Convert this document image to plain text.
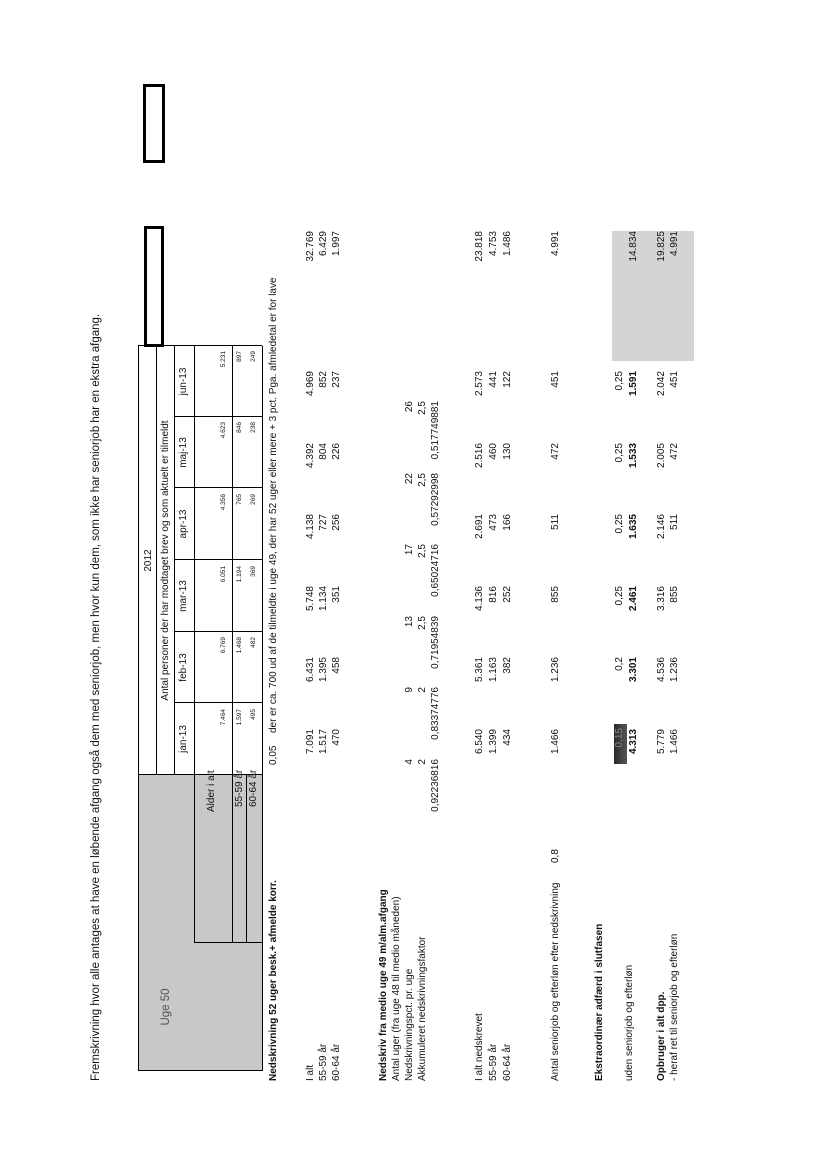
Fremskrivning hvor alle antages at have en løbende afgang også dem med seniorjob, men hvor kun dem, som ikke har seniorjob har en ekstra afgang.	Uge 50
2012 Antal personer der har modtaget brev og som aktuelt er tilmeldt
jan-13
feb-13
mar-13
apr-13
maj-13
jun-13
Alder i alt 55-59 år 60-64 år
7.464
6.769
6.051
4.356
4.623
5.231
1.597
1.468
1.194
765
846
897
495
482
369
269
238
249
Nedskrivning 52 uger besk.+ afmelde korr.
0,05
der er ca. 700 ud af de tilmeldte i uge 49, der har 52 uger eller mere + 3 pct. Pga. afmledetal er for lave
I alt 55-59 år 60-64 år
7.091
6.431
5.748
4.138
4.392
4.969
32.769
1.517
1.395
1.134
727
804
852
6.429
470
458
351
256
226
237
1.997
Nedskriv fra medio uge 49 m/alm.afgang Antal uger (fra uge 48 til medio måneden) Nedskrivningspct. pr. uge Akkumuleret nedskrivningsfaktor
4
9
13
17
22
26
2
2
2,5
2,5
2,5
2,5
0,92236816
0,83374776
0,71954839
0,65024716
0,57292998
0,517749881
I alt nedskrevet 55-59 år 60-64 år
6.540
5.361
4.136
2.691
2.516
2.573
23.818
1.399
1.163
816
473
460
441
4.753
434
382
252
166
130
122
1.486
Antal seniorjob og efterløn efter nedskrivning
0,8
1.466
1.236
855
511
472
451
4.991
Ekstraordinær adfærd i slutfasen uden seniorjob og efterløn
0,15
0,2
0,25
0,25
0,25
0,25
4.313
3.301
2.461
1.635
1.533
1.591
14.834
Opbruger i alt dpp. - heraf ret til seniorjob og efterløn
5.779
4.536
3.316
2.146
2.005
2.042
19.825
1.466
1.236
855
511
472
451
4.991
